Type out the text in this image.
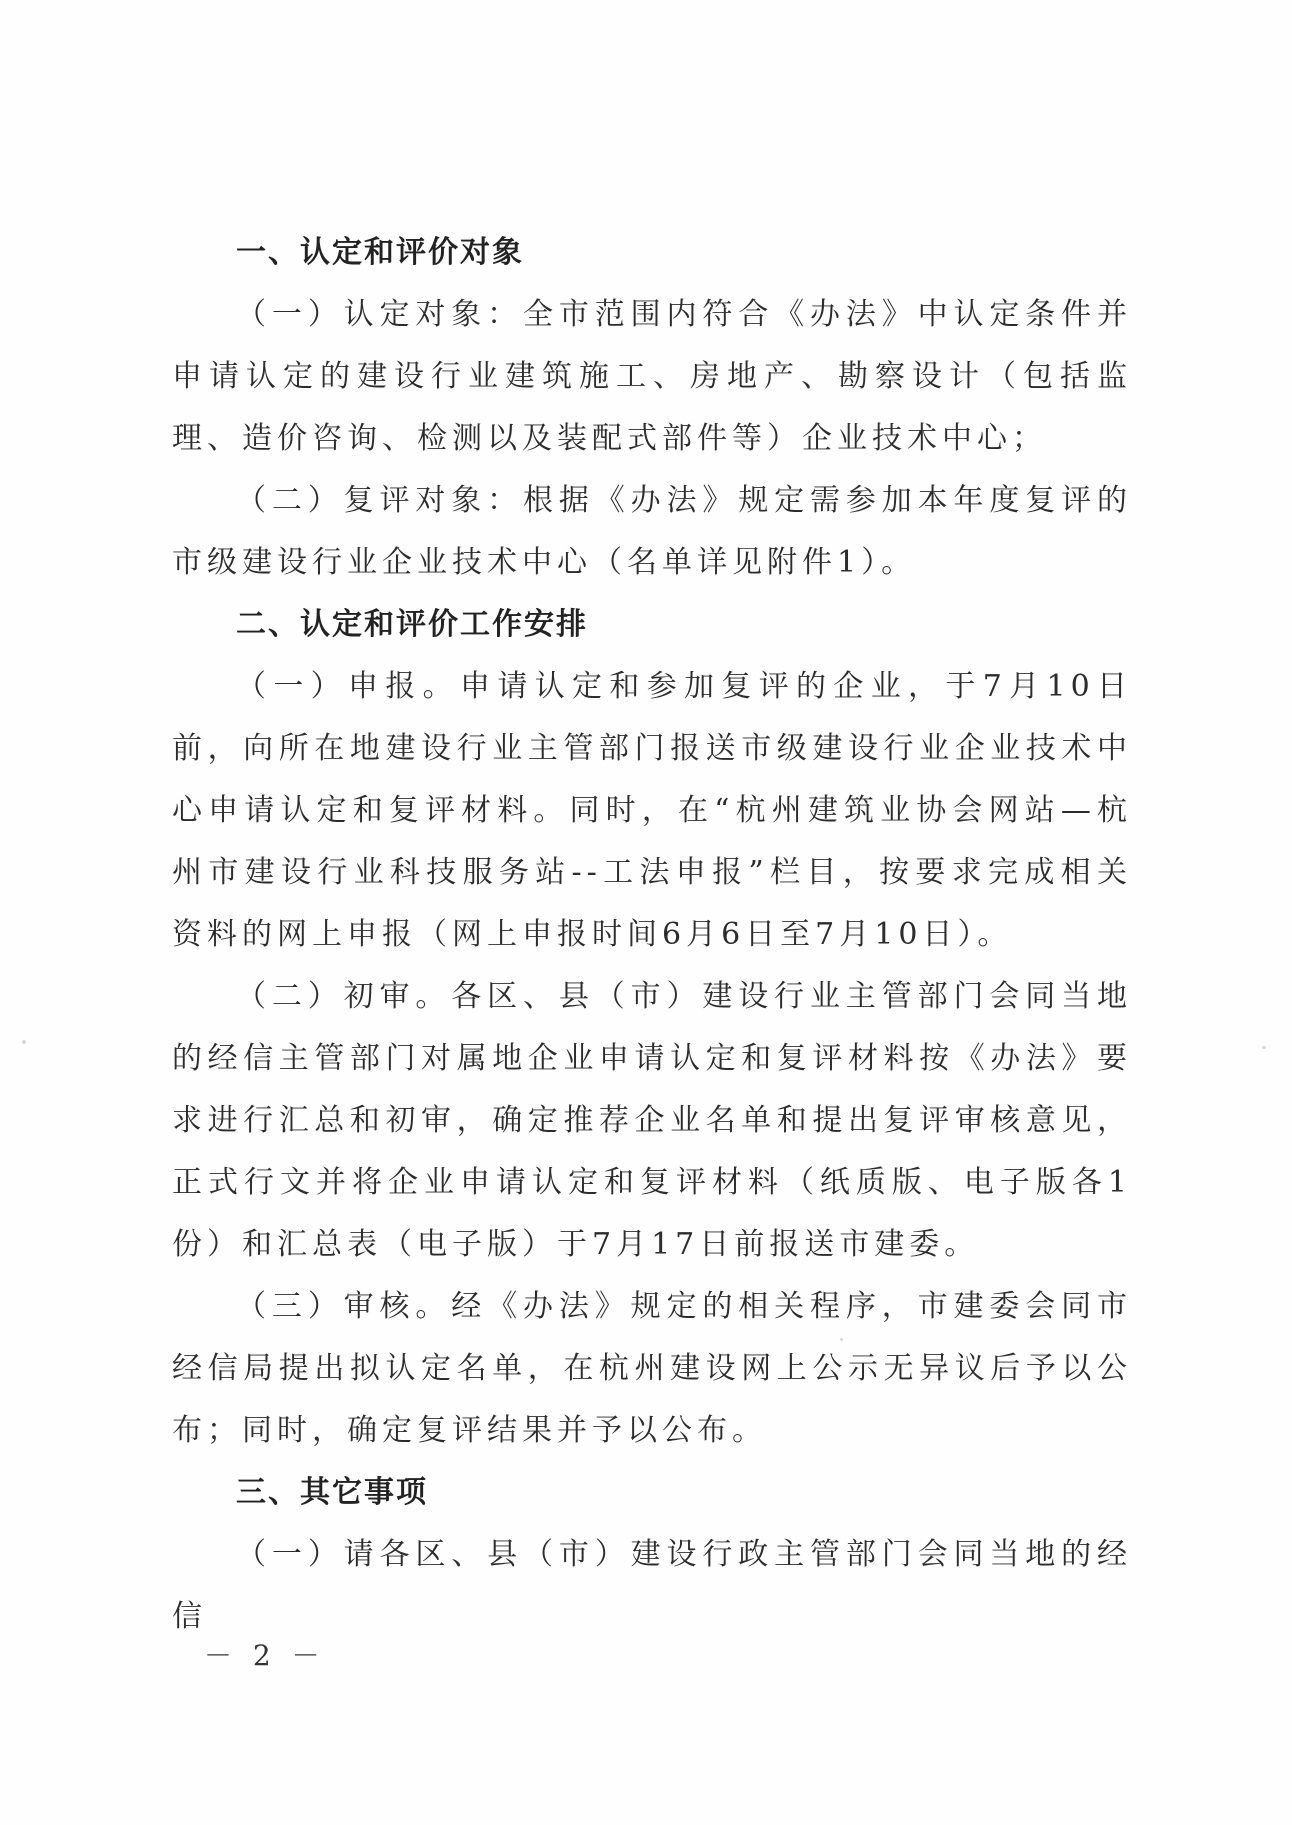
一、认定和评价对象

（一）认定对象：全市范围内符合《办法》中认定条件并申请认定的建设行业建筑施工、房地产、勘察设计（包括监理、造价咨询、检测以及装配式部件等）企业技术中心；

（二）复评对象：根据《办法》规定需参加本年度复评的市级建设行业企业技术中心（名单详见附件1）。

二、认定和评价工作安排

（一）申报。申请认定和参加复评的企业，于7月10日前，向所在地建设行业主管部门报送市级建设行业企业技术中心申请认定和复评材料。同时，在“杭州建筑业协会网站—杭州市建设行业科技服务站--工法申报”栏目，按要求完成相关资料的网上申报（网上申报时间6月6日至7月10日）。

（二）初审。各区、县（市）建设行业主管部门会同当地的经信主管部门对属地企业申请认定和复评材料按《办法》要求进行汇总和初审，确定推荐企业名单和提出复评审核意见，正式行文并将企业申请认定和复评材料（纸质版、电子版各1份）和汇总表（电子版）于7月17日前报送市建委。

（三）审核。经《办法》规定的相关程序，市建委会同市经信局提出拟认定名单，在杭州建设网上公示无异议后予以公布；同时，确定复评结果并予以公布。

三、其它事项

（一）请各区、县（市）建设行政主管部门会同当地的经信

－ 2 －
